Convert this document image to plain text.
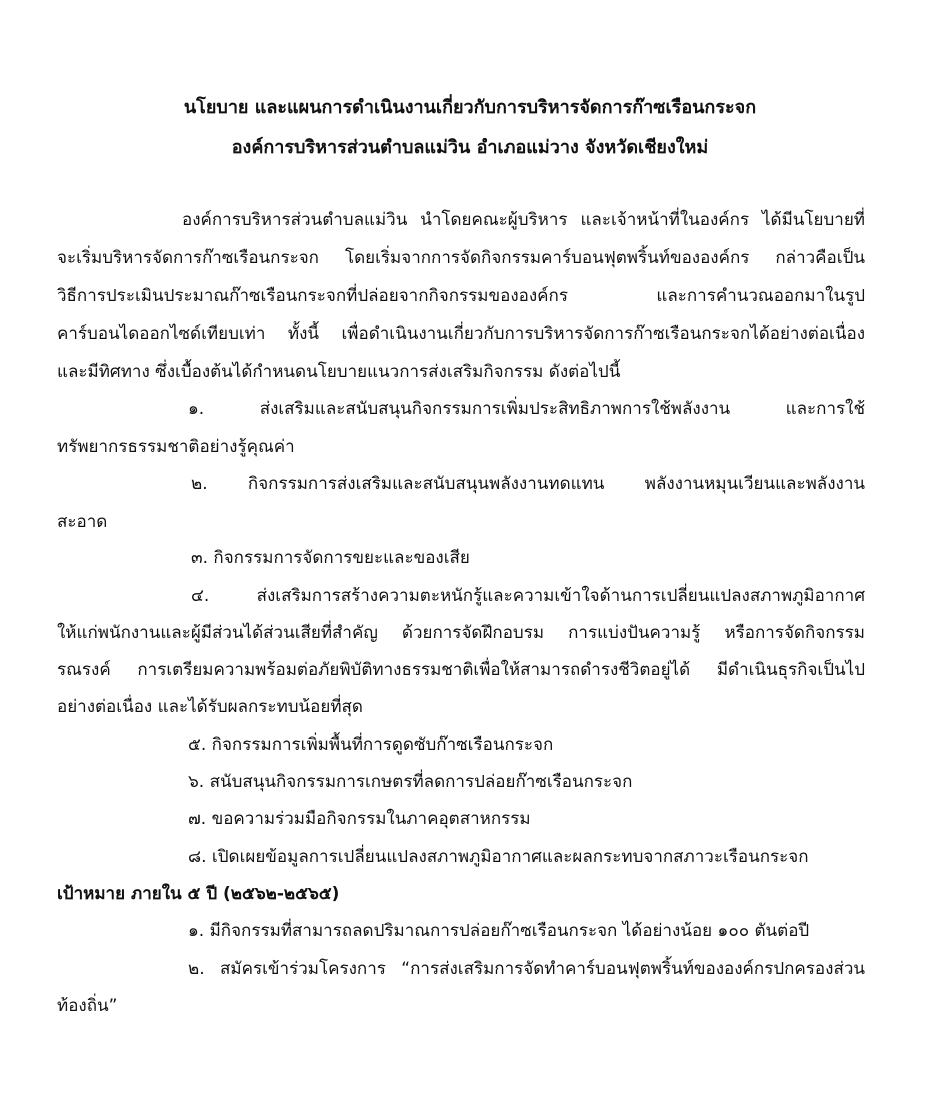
นโยบาย และแผนการดำเนินงานเกี่ยวกับการบริหารจัดการก๊าซเรือนกระจก
องค์การบริหารส่วนตำบลแม่วิน อำเภอแม่วาง จังหวัดเชียงใหม่
องค์การบริหารส่วนตำบลแม่วิน นำโดยคณะผู้บริหาร และเจ้าหน้าที่ในองค์กร ได้มีนโยบายที่
จะเริ่มบริหารจัดการก๊าซเรือนกระจก โดยเริ่มจากการจัดกิจกรรมคาร์บอนฟุตพริ้นท์ขององค์กร กล่าวคือเป็น
วิธีการประเมินประมาณก๊าซเรือนกระจกที่ปล่อยจากกิจกรรมขององค์กร และการคำนวณออกมาในรูป
คาร์บอนไดออกไซด์เทียบเท่า ทั้งนี้ เพื่อดำเนินงานเกี่ยวกับการบริหารจัดการก๊าซเรือนกระจกได้อย่างต่อเนื่อง
และมีทิศทาง ซึ่งเบื้องต้นได้กำหนดนโยบายแนวการส่งเสริมกิจกรรม ดังต่อไปนี้
๑. ส่งเสริมและสนับสนุนกิจกรรมการเพิ่มประสิทธิภาพการใช้พลังงาน และการใช้
ทรัพยากรธรรมชาติอย่างรู้คุณค่า
๒. กิจกรรมการส่งเสริมและสนับสนุนพลังงานทดแทน พลังงานหมุนเวียนและพลังงาน
สะอาด
๓. กิจกรรมการจัดการขยะและของเสีย
๔. ส่งเสริมการสร้างความตะหนักรู้และความเข้าใจด้านการเปลี่ยนแปลงสภาพภูมิอากาศ
ให้แก่พนักงานและผู้มีส่วนได้ส่วนเสียที่สำคัญ ด้วยการจัดฝึกอบรม การแบ่งปันความรู้ หรือการจัดกิจกรรม
รณรงค์ การเตรียมความพร้อมต่อภัยพิบัติทางธรรมชาติเพื่อให้สามารถดำรงชีวิตอยู่ได้ มีดำเนินธุรกิจเป็นไป
อย่างต่อเนื่อง และได้รับผลกระทบน้อยที่สุด
๕. กิจกรรมการเพิ่มพื้นที่การดูดซับก๊าซเรือนกระจก
๖. สนับสนุนกิจกรรมการเกษตรที่ลดการปล่อยก๊าซเรือนกระจก
๗. ขอความร่วมมือกิจกรรมในภาคอุตสาหกรรม
๘. เปิดเผยข้อมูลการเปลี่ยนแปลงสภาพภูมิอากาศและผลกระทบจากสภาวะเรือนกระจก
เป้าหมาย ภายใน ๕ ปี (๒๕๖๒-๒๕๖๕)
๑. มีกิจกรรมที่สามารถลดปริมาณการปล่อยก๊าซเรือนกระจก ได้อย่างน้อย ๑๐๐ ตันต่อปี
๒. สมัครเข้าร่วมโครงการ “การส่งเสริมการจัดทำคาร์บอนฟุตพริ้นท์ขององค์กรปกครองส่วน
ท้องถิ่น”
